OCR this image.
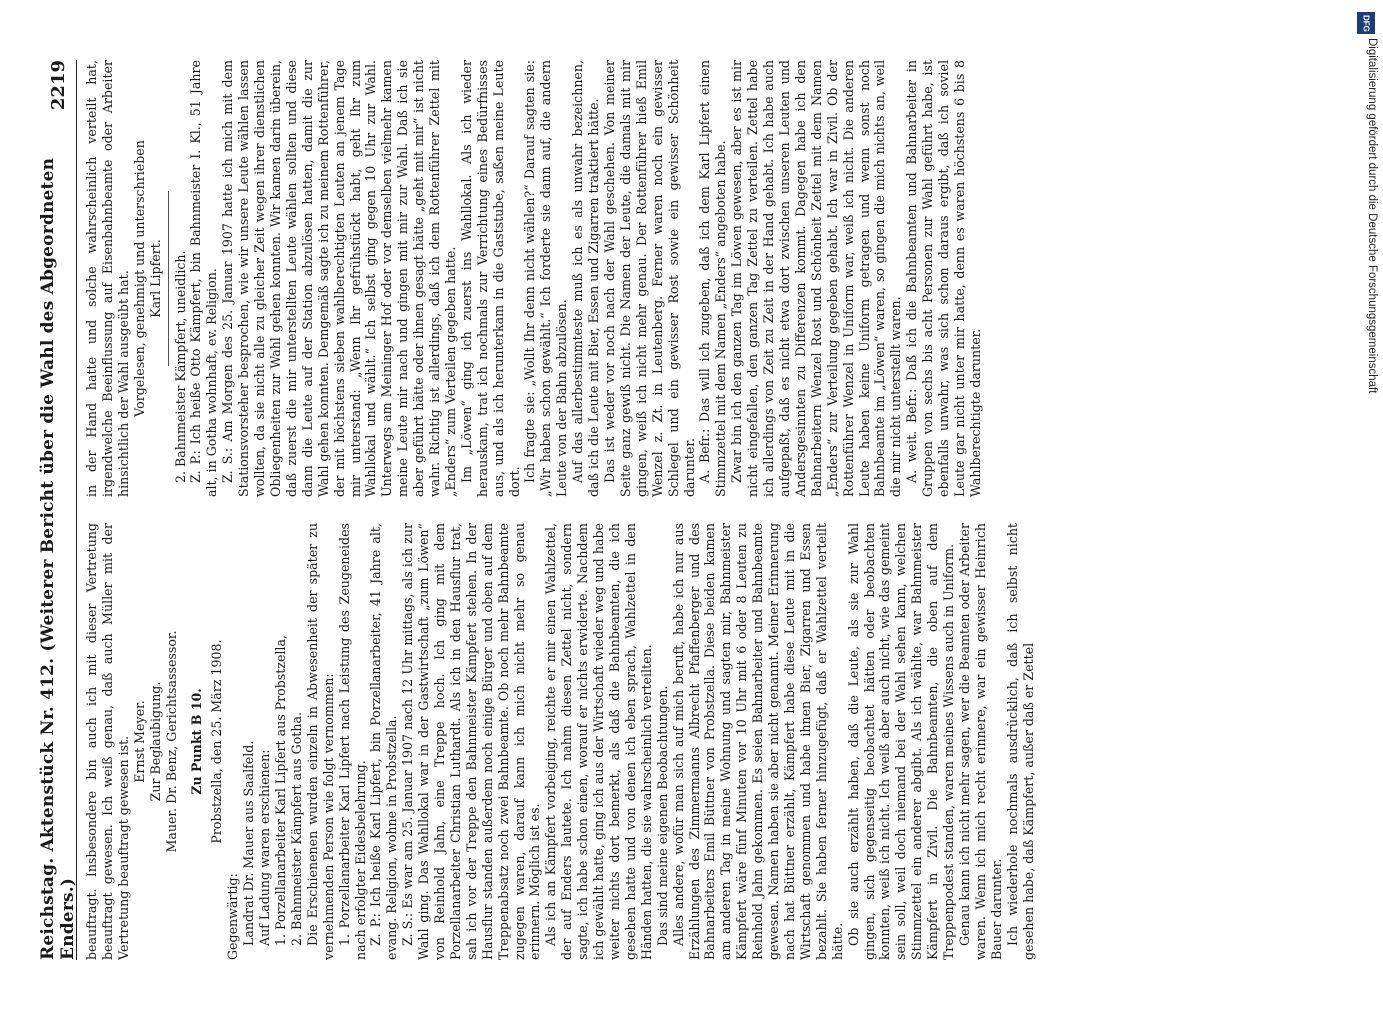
Reichstag. Aktenstück Nr. 412. (Weiterer Bericht über die Wahl des Abgeordneten Enders.)
2219

beauftragt. Insbesondere bin auch ich mit dieser Vertretung beauftragt gewesen. Ich weiß genau, daß auch Müller mit der Vertretung beauftragt gewesen ist. Ernst Meyer. Zur Beglaubigung. Mauer. Dr. Benz, Gerichtsassessor. Zu Punkt B 10. Probstzella, den 25. März 1908.

Gegenwärtig: Landrat Dr. Mauer aus Saalfeld. Auf Ladung waren erschienen: 1. Porzellanarbeiter Karl Lipfert aus Probstzella, 2. Bahnmeister Kämpfert aus Gotha. Die Erschienenen wurden einzeln in Abwesenheit der später zu vernehmenden Person wie folgt vernommen: 1. Porzellanarbeiter Karl Lipfert nach Leistung des Zeugeneides nach erfolgter Eidesbelehrung. Z. P.: Ich heiße Karl Lipfert, bin Porzellanarbeiter, 41 Jahre alt, evang. Religion, wohne in Probstzella. Z. S.: Es war am 25. Januar 1907 nach 12 Uhr mittags, als ich zur Wahl ging. Das Wahllokal war in der Gastwirtschaft „zum Löwen“ von Reinhold Jahn, eine Treppe hoch. Ich ging mit dem Porzellanarbeiter Christian Luthardt. Als ich in den Hausflur trat, sah ich vor der Treppe den Bahnmeister Kämpfert stehen. In der Hausflur standen außerdem noch einige Bürger und oben auf dem Treppenabsatz noch zwei Bahnbeamte. Ob noch mehr Bahnbeamte zugegen waren, darauf kann ich mich nicht mehr so genau erinnern. Möglich ist es. Als ich an Kämpfert vorbeiging, reichte er mir einen Wahlzettel, der auf Enders lautete. Ich nahm diesen Zettel nicht, sondern sagte, ich habe schon einen, worauf er nichts erwiderte. Nachdem ich gewählt hatte, ging ich aus der Wirtschaft wieder weg und habe weiter nichts dort bemerkt, als daß die Bahnbeamten, die ich gesehen hatte und von denen ich eben sprach, Wahlzettel in den Händen hatten, die sie wahrscheinlich verteilten. Das sind meine eigenen Beobachtungen. Alles andere, wofür man sich auf mich beruft, habe ich nur aus Erzählungen des Zimmermanns Albrecht Pfaffenberger und des Bahnarbeiters Emil Büttner von Probstzella. Diese beiden kamen am anderen Tag in meine Wohnung und sagten mir, Bahnmeister Kämpfert wäre fünf Minuten vor 10 Uhr mit 6 oder 8 Leuten zu Reinhold Jahn gekommen. Es seien Bahnarbeiter und Bahnbeamte gewesen. Namen haben sie aber nicht genannt. Meiner Erinnerung nach hat Büttner erzählt, Kämpfert habe diese Leute mit in die Wirtschaft genommen und habe ihnen Bier, Zigarren und Essen bezahlt. Sie haben ferner hinzugefügt, daß er Wahlzettel verteilt hätte. Ob sie auch erzählt haben, daß die Leute, als sie zur Wahl gingen, sich gegenseitig beobachtet hätten oder beobachten konnten, weiß ich nicht. Ich weiß aber auch nicht, wie das gemeint sein soll, weil doch niemand bei der Wahl sehen kann, welchen Stimmzettel ein anderer abgibt. Als ich wählte, war Bahnmeister Kämpfert in Zivil. Die Bahnbeamten, die oben auf dem Treppenpodest standen, waren meines Wissens auch in Uniform. Genau kann ich nicht mehr sagen, wer die Beamten oder Arbeiter waren. Wenn ich mich recht erinnere, war ein gewisser Heinrich Bauer darunter. Ich wiederhole nochmals ausdrücklich, daß ich selbst nicht gesehen habe, daß Kämpfert, außer daß er Zettel

in der Hand hatte und solche wahrscheinlich verteilt hat, irgendwelche Beeinflussung auf Eisenbahnbeamte oder Arbeiter hinsichtlich der Wahl ausgeübt hat. Vorgelesen, genehmigt und unterschrieben Karl Lipfert. 2. Bahnmeister Kämpfert, uneidlich. Z. P.: Ich heiße Otto Kämpfert, bin Bahnmeister I. Kl., 51 Jahre alt, in Gotha wohnhaft, ev. Religion. Z. S.: Am Morgen des 25. Januar 1907 hatte ich mich mit dem Stationsvorsteher besprochen, wie wir unsere Leute wählen lassen wollten, da sie nicht alle zu gleicher Zeit wegen ihrer dienstlichen Obliegenheiten zur Wahl gehen konnten. Wir kamen darin überein, daß zuerst die mir unterstellten Leute wählen sollten und diese dann die Leute auf der Station abzulösen hatten, damit die zur Wahl gehen konnten. Demgemäß sagte ich zu meinem Rottenführer, der mit höchstens sieben wahlberechtigten Leuten an jenem Tage mir unterstand: „Wenn Ihr gefrühstückt habt, geht Ihr zum Wahllokal und wählt.“ Ich selbst ging gegen 10 Uhr zur Wahl. Unterwegs am Meininger Hof oder vor demselben vielmehr kamen meine Leute mir nach und gingen mit mir zur Wahl. Daß ich sie aber geführt hätte oder ihnen gesagt hätte „geht mit mir“ ist nicht wahr. Richtig ist allerdings, daß ich dem Rottenführer Zettel mit „Enders“ zum Verteilen gegeben hatte. Im „Löwen“ ging ich zuerst ins Wahllokal. Als ich wieder herauskam, trat ich nochmals zur Verrichtung eines Bedürfnisses aus, und als ich herunterkam in die Gaststube, saßen meine Leute dort. Ich fragte sie: „Wollt Ihr denn nicht wählen?“ Darauf sagten sie: „Wir haben schon gewählt.“ Ich forderte sie dann auf, die andern Leute von der Bahn abzulösen. Auf das allerbestimmteste muß ich es als unwahr bezeichnen, daß ich die Leute mit Bier, Essen und Zigarren traktiert hätte. Das ist weder vor noch nach der Wahl geschehen. Von meiner Seite ganz gewiß nicht. Die Namen der Leute, die damals mit mir gingen, weiß ich nicht mehr genau. Der Rottenführer hieß Emil Wenzel z. Zt. in Leutenberg. Ferner waren noch ein gewisser Schlegel und ein gewisser Rost sowie ein gewisser Schönheit darunter. A. Befr.: Das will ich zugeben, daß ich dem Karl Lipfert einen Stimmzettel mit dem Namen „Enders“ angeboten habe. Zwar bin ich den ganzen Tag im Löwen gewesen, aber es ist mir nicht eingefallen, den ganzen Tag Zettel zu verteilen. Zettel habe ich allerdings von Zeit zu Zeit in der Hand gehabt. Ich habe auch aufgepaßt, daß es nicht etwa dort zwischen unseren Leuten und Andersgesinnten zu Differenzen kommt. Dagegen habe ich den Bahnarbeitern Wenzel Rost und Schönheit Zettel mit dem Namen „Enders“ zur Verteilung gegeben gehabt. Ich war in Zivil. Ob der Rottenführer Wenzel in Uniform war, weiß ich nicht. Die anderen Leute haben keine Uniform getragen und wenn sonst noch Bahnbeamte im „Löwen“ waren, so gingen die mich nichts an, weil die mir nicht unterstellt waren. A. weit. Befr.: Daß ich die Bahnbeamten und Bahnarbeiter in Gruppen von sechs bis acht Personen zur Wahl geführt habe, ist ebenfalls unwahr, was sich schon daraus ergibt, daß ich soviel Leute gar nicht unter mir hatte, denn es waren höchstens 6 bis 8 Wahlberechtigte darunter.

DFG
Digitalisierung gefördert durch die Deutsche Forschungsgemeinschaft
